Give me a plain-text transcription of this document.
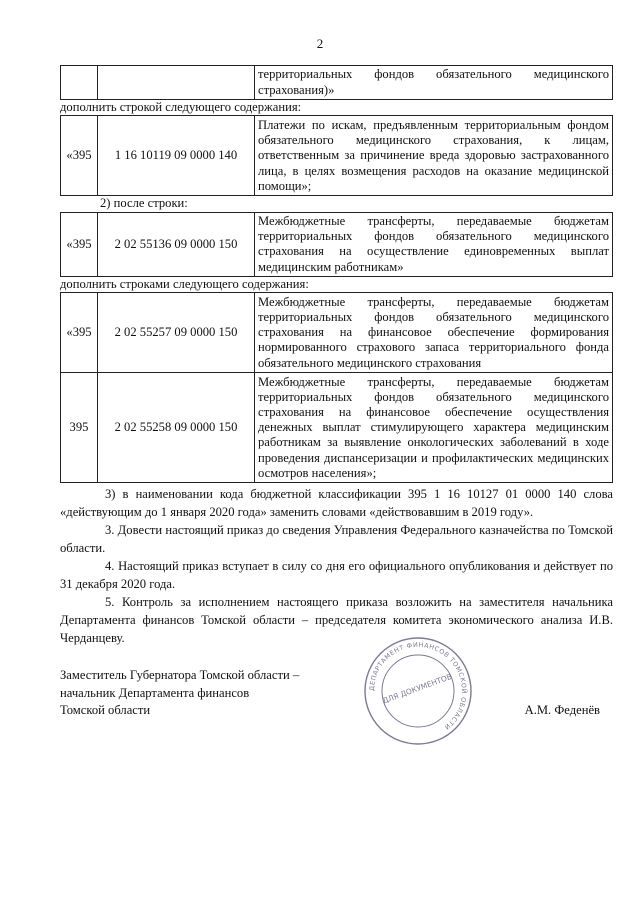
2
		территориальных фондов обязательного медицинского страхования)»

дополнить строкой следующего содержания:

«395	1 16 10119 09 0000 140	Платежи по искам, предъявленным территориальным фондом обязательного медицинского страхования, к лицам, ответственным за причинение вреда здоровью застрахованного лица, в целях возмещения расходов на оказание медицинской помощи»;

2) после строки:

«395	2 02 55136 09 0000 150	Межбюджетные трансферты, передаваемые бюджетам территориальных фондов обязательного медицинского страхования на осуществление единовременных выплат медицинским работникам»

дополнить строками следующего содержания:

«395	2 02 55257 09 0000 150	Межбюджетные трансферты, передаваемые бюджетам территориальных фондов обязательного медицинского страхования на финансовое обеспечение формирования нормированного страхового запаса территориального фонда обязательного медицинского страхования
395	2 02 55258 09 0000 150	Межбюджетные трансферты, передаваемые бюджетам территориальных фондов обязательного медицинского страхования на финансовое обеспечение осуществления денежных выплат стимулирующего характера медицинским работникам за выявление онкологических заболеваний в ходе проведения диспансеризации и профилактических медицинских осмотров населения»;

3) в наименовании кода бюджетной классификации 395 1 16 10127 01 0000 140 слова «действующим до 1 января 2020 года» заменить словами «действовавшим в 2019 году».

3. Довести настоящий приказ до сведения Управления Федерального казначейства по Томской области.

4. Настоящий приказ вступает в силу со дня его официального опубликования и действует по 31 декабря 2020 года.

5. Контроль за исполнением настоящего приказа возложить на заместителя начальника Департамента финансов Томской области – председателя комитета экономического анализа И.В. Черданцеву.

ДЕПАРТАМЕНТ ФИНАНСОВ ТОМСКОЙ ОБЛАСТИ
ДЛЯ ДОКУМЕНТОВ
Заместитель Губернатора Томской области –
начальник Департамента финансов
Томской области	А.М. Феденёв
